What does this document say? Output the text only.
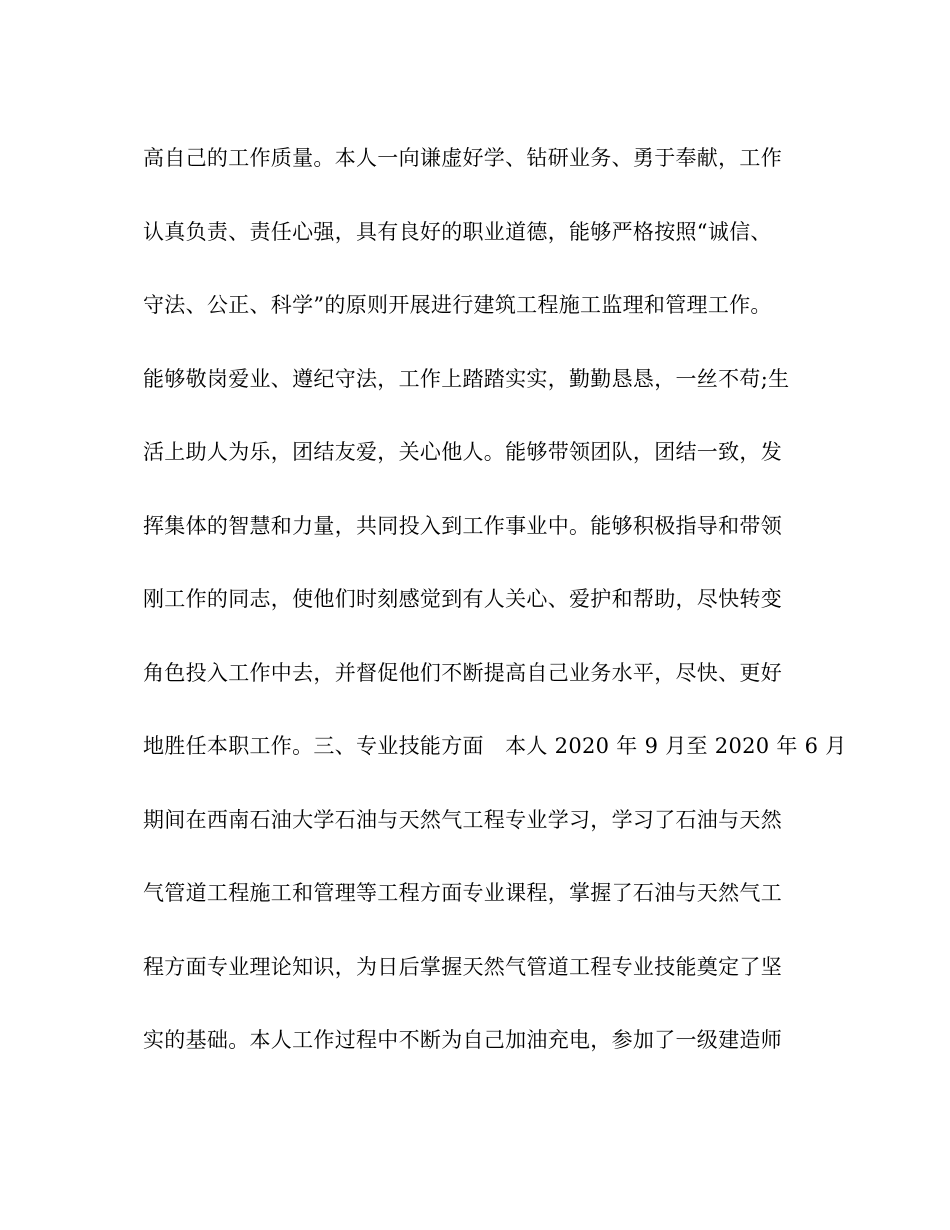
高自己的工作质量。本人一向谦虚好学、钻研业务、勇于奉献，工作
认真负责、责任心强，具有良好的职业道德，能够严格按照“诚信、
守法、公正、科学”的原则开展进行建筑工程施工监理和管理工作。
能够敬岗爱业、遵纪守法，工作上踏踏实实，勤勤恳恳，一丝不苟;生
活上助人为乐，团结友爱，关心他人。能够带领团队，团结一致，发
挥集体的智慧和力量，共同投入到工作事业中。能够积极指导和带领
刚工作的同志，使他们时刻感觉到有人关心、爱护和帮助，尽快转变
角色投入工作中去，并督促他们不断提高自己业务水平，尽快、更好
地胜任本职工作。三、专业技能方面　本人 2020 年 9 月至 2020 年 6 月
期间在西南石油大学石油与天然气工程专业学习，学习了石油与天然
气管道工程施工和管理等工程方面专业课程，掌握了石油与天然气工
程方面专业理论知识，为日后掌握天然气管道工程专业技能奠定了坚
实的基础。本人工作过程中不断为自己加油充电，参加了一级建造师
